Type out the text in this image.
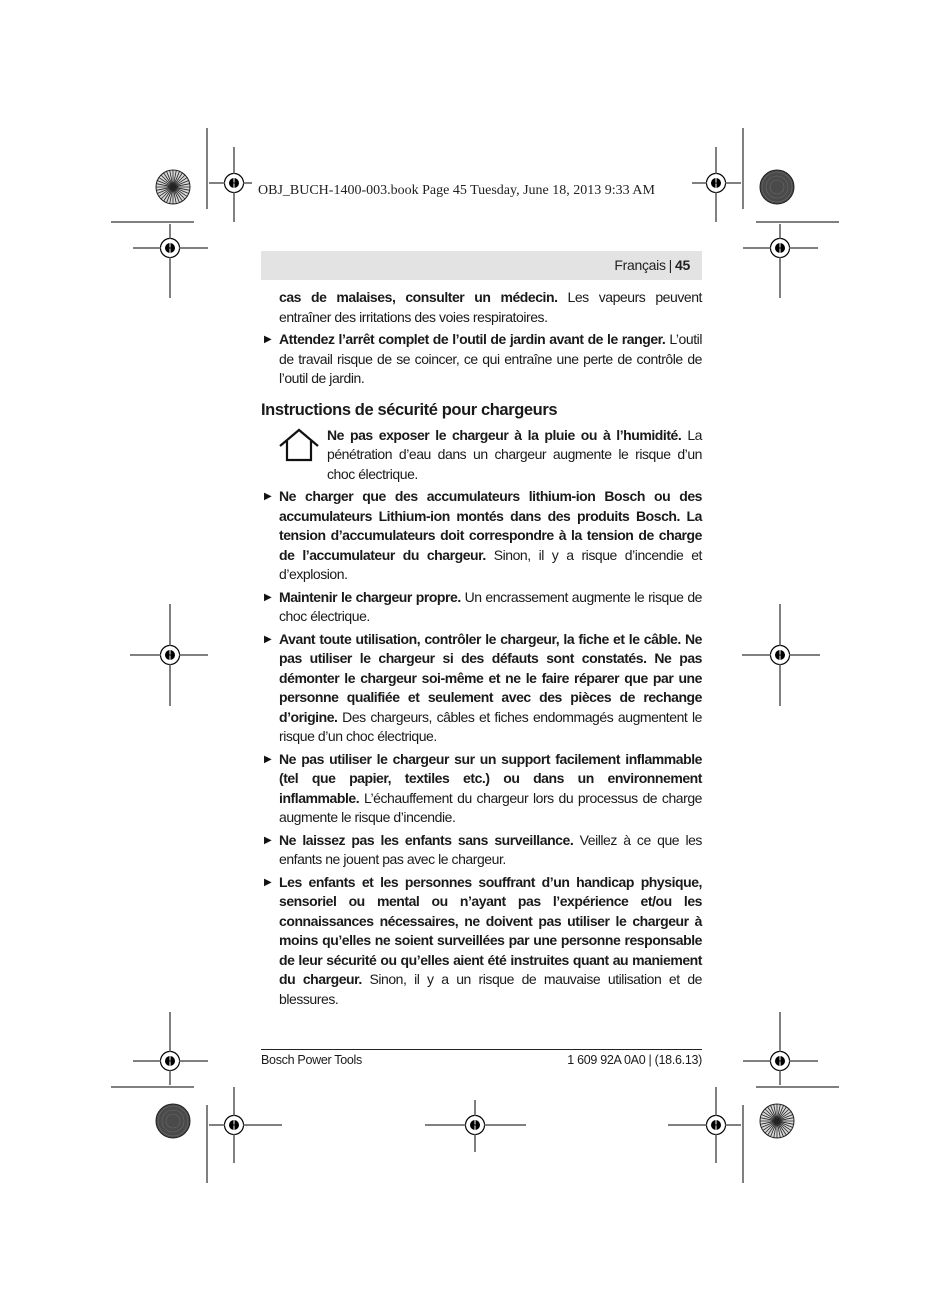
OBJ_BUCH-1400-003.book Page 45 Tuesday, June 18, 2013 9:33 AM
Français | 45
cas de malaises, consulter un médecin. Les vapeurs peuvent entraîner des irritations des voies respiratoires.
▶ Attendez l’arrêt complet de l’outil de jardin avant de le ranger. L’outil de travail risque de se coincer, ce qui entraîne une perte de contrôle de l’outil de jardin.
Instructions de sécurité pour chargeurs
Ne pas exposer le chargeur à la pluie ou à l’humidité. La pénétration d’eau dans un chargeur augmente le risque d’un choc électrique.
▶ Ne charger que des accumulateurs lithium-ion Bosch ou des accumulateurs Lithium-ion montés dans des produits Bosch. La tension d’accumulateurs doit correspondre à la tension de charge de l’accumulateur du chargeur. Sinon, il y a risque d’incendie et d’explosion.
▶ Maintenir le chargeur propre. Un encrassement augmente le risque de choc électrique.
▶ Avant toute utilisation, contrôler le chargeur, la fiche et le câble. Ne pas utiliser le chargeur si des défauts sont constatés. Ne pas démonter le chargeur soi-même et ne le faire réparer que par une personne qualifiée et seulement avec des pièces de rechange d’origine. Des chargeurs, câbles et fiches endommagés augmentent le risque d’un choc électrique.
▶ Ne pas utiliser le chargeur sur un support facilement inflammable (tel que papier, textiles etc.) ou dans un environnement inflammable. L’échauffement du chargeur lors du processus de charge augmente le risque d’incendie.
▶ Ne laissez pas les enfants sans surveillance. Veillez à ce que les enfants ne jouent pas avec le chargeur.
▶ Les enfants et les personnes souffrant d’un handicap physique, sensoriel ou mental ou n’ayant pas l’expérience et/ou les connaissances nécessaires, ne doivent pas utiliser le chargeur à moins qu’elles ne soient surveillées par une personne responsable de leur sécurité ou qu’elles aient été instruites quant au maniement du chargeur. Sinon, il y a un risque de mauvaise utilisation et de blessures.
Bosch Power Tools	1 609 92A 0A0 | (18.6.13)
